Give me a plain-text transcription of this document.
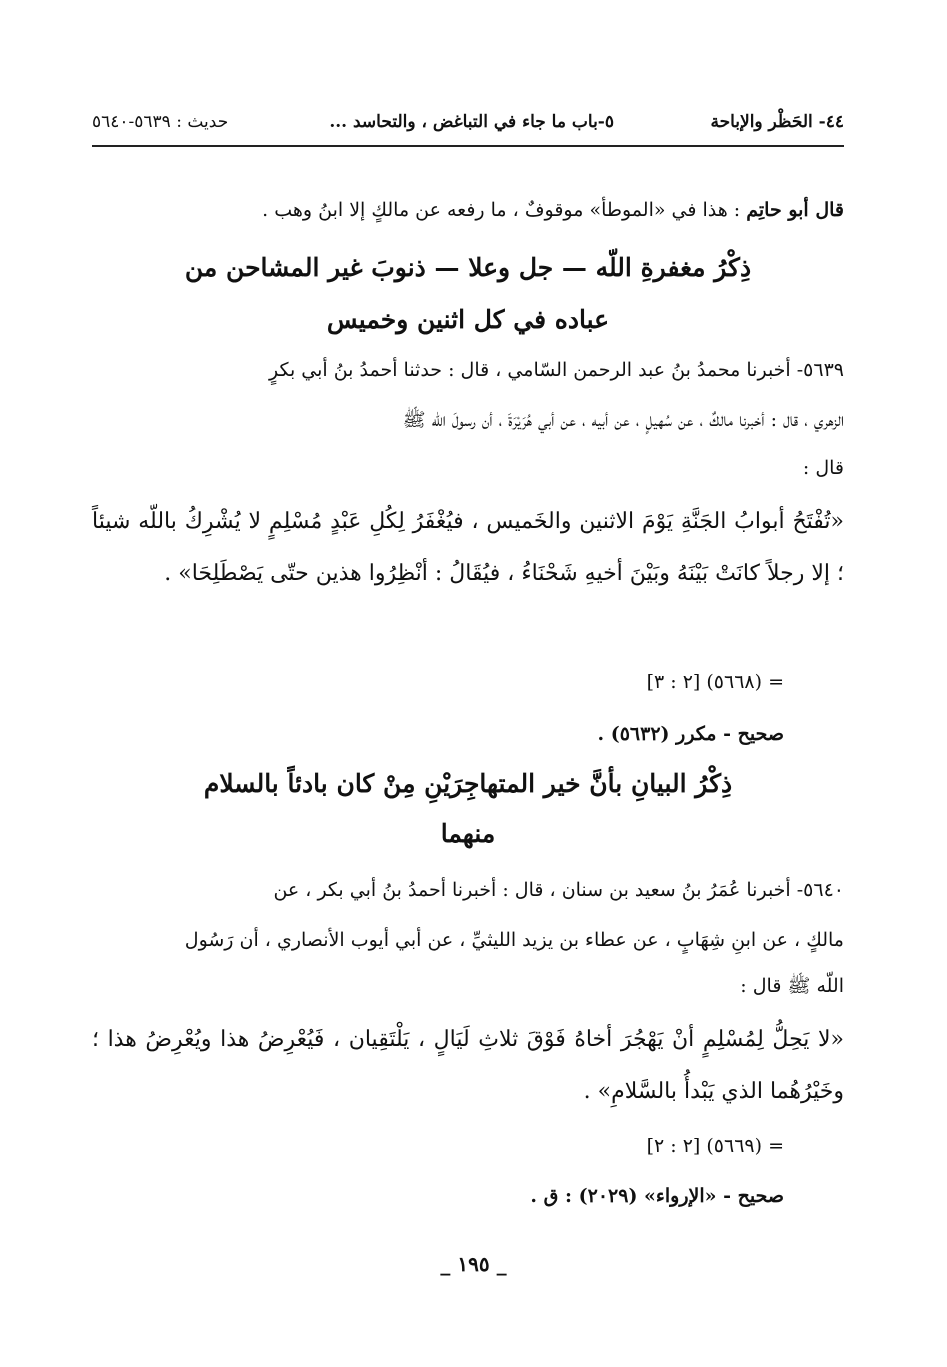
٤٤- الحَظْر والإباحة
٥-باب ما جاء في التباغض ، والتحاسد ...
حديث : ٥٦٣٩-٥٦٤٠
قال أبو حاتِم : هذا في «الموطأ» موقوفٌ ، ما رفعه عن مالكٍ إلا ابنُ وهب .
ذِكْرُ مغفرةِ اللّه — جل وعلا — ذنوبَ غير المشاحن من
عباده في كل اثنين وخميس
٥٦٣٩- أخبرنا محمدُ بنُ عبد الرحمن السّامي ، قال : حدثنا أحمدُ بنُ أبي بكرٍ
الزهري ، قال : أخبرنا مالكٌ ، عن سُهيلٍ ، عن أبيه ، عن أبي هُرَيْرَةَ ، أن رسولَ اللّه ﷺ
قال :
«تُفْتَحُ أبوابُ الجَنَّةِ يَوْمَ الاثنين والخَميس ، فيُغْفَرُ لِكُلِ عَبْدٍ مُسْلِمٍ لا يُشْرِكُ باللّه شيئاً ؛ إلا رجلاً كانَتْ بَيْنَهُ وبَيْنَ أخيهِ شَحْنَاءُ ، فيُقَالُ : أنْظِرُوا هذين حتّى يَصْطَلِحَا» .
= (٥٦٦٨) [٢ : ٣]
صحيح - مكرر (٥٦٣٢) .
ذِكْرُ البيانِ بأنَّ خير المتهاجِرَيْنِ مِنْ كان بادئاً بالسلام
منهما
٥٦٤٠- أخبرنا عُمَرُ بنُ سعيد بن سنان ، قال : أخبرنا أحمدُ بنُ أبي بكر ، عن
مالكٍ ، عن ابنِ شِهَابٍ ، عن عطاء بن يزيد الليثيِّ ، عن أبي أيوب الأنصاري ، أن رَسُول
اللّه ﷺ قال :
«لا يَحِلُّ لِمُسْلِمٍ أنْ يَهْجُرَ أخاهُ فَوْقَ ثلاثِ لَيَالٍ ، يَلْتَقِيان ، فَيُعْرِضُ هذا ويُعْرِضُ هذا ؛ وخَيْرُهُما الذي يَبْدأُ بالسَّلامِ» .
= (٥٦٦٩) [٢ : ٢]
صحيح - «الإرواء» (٢٠٢٩) : ق .
_ ١٩٥ _
